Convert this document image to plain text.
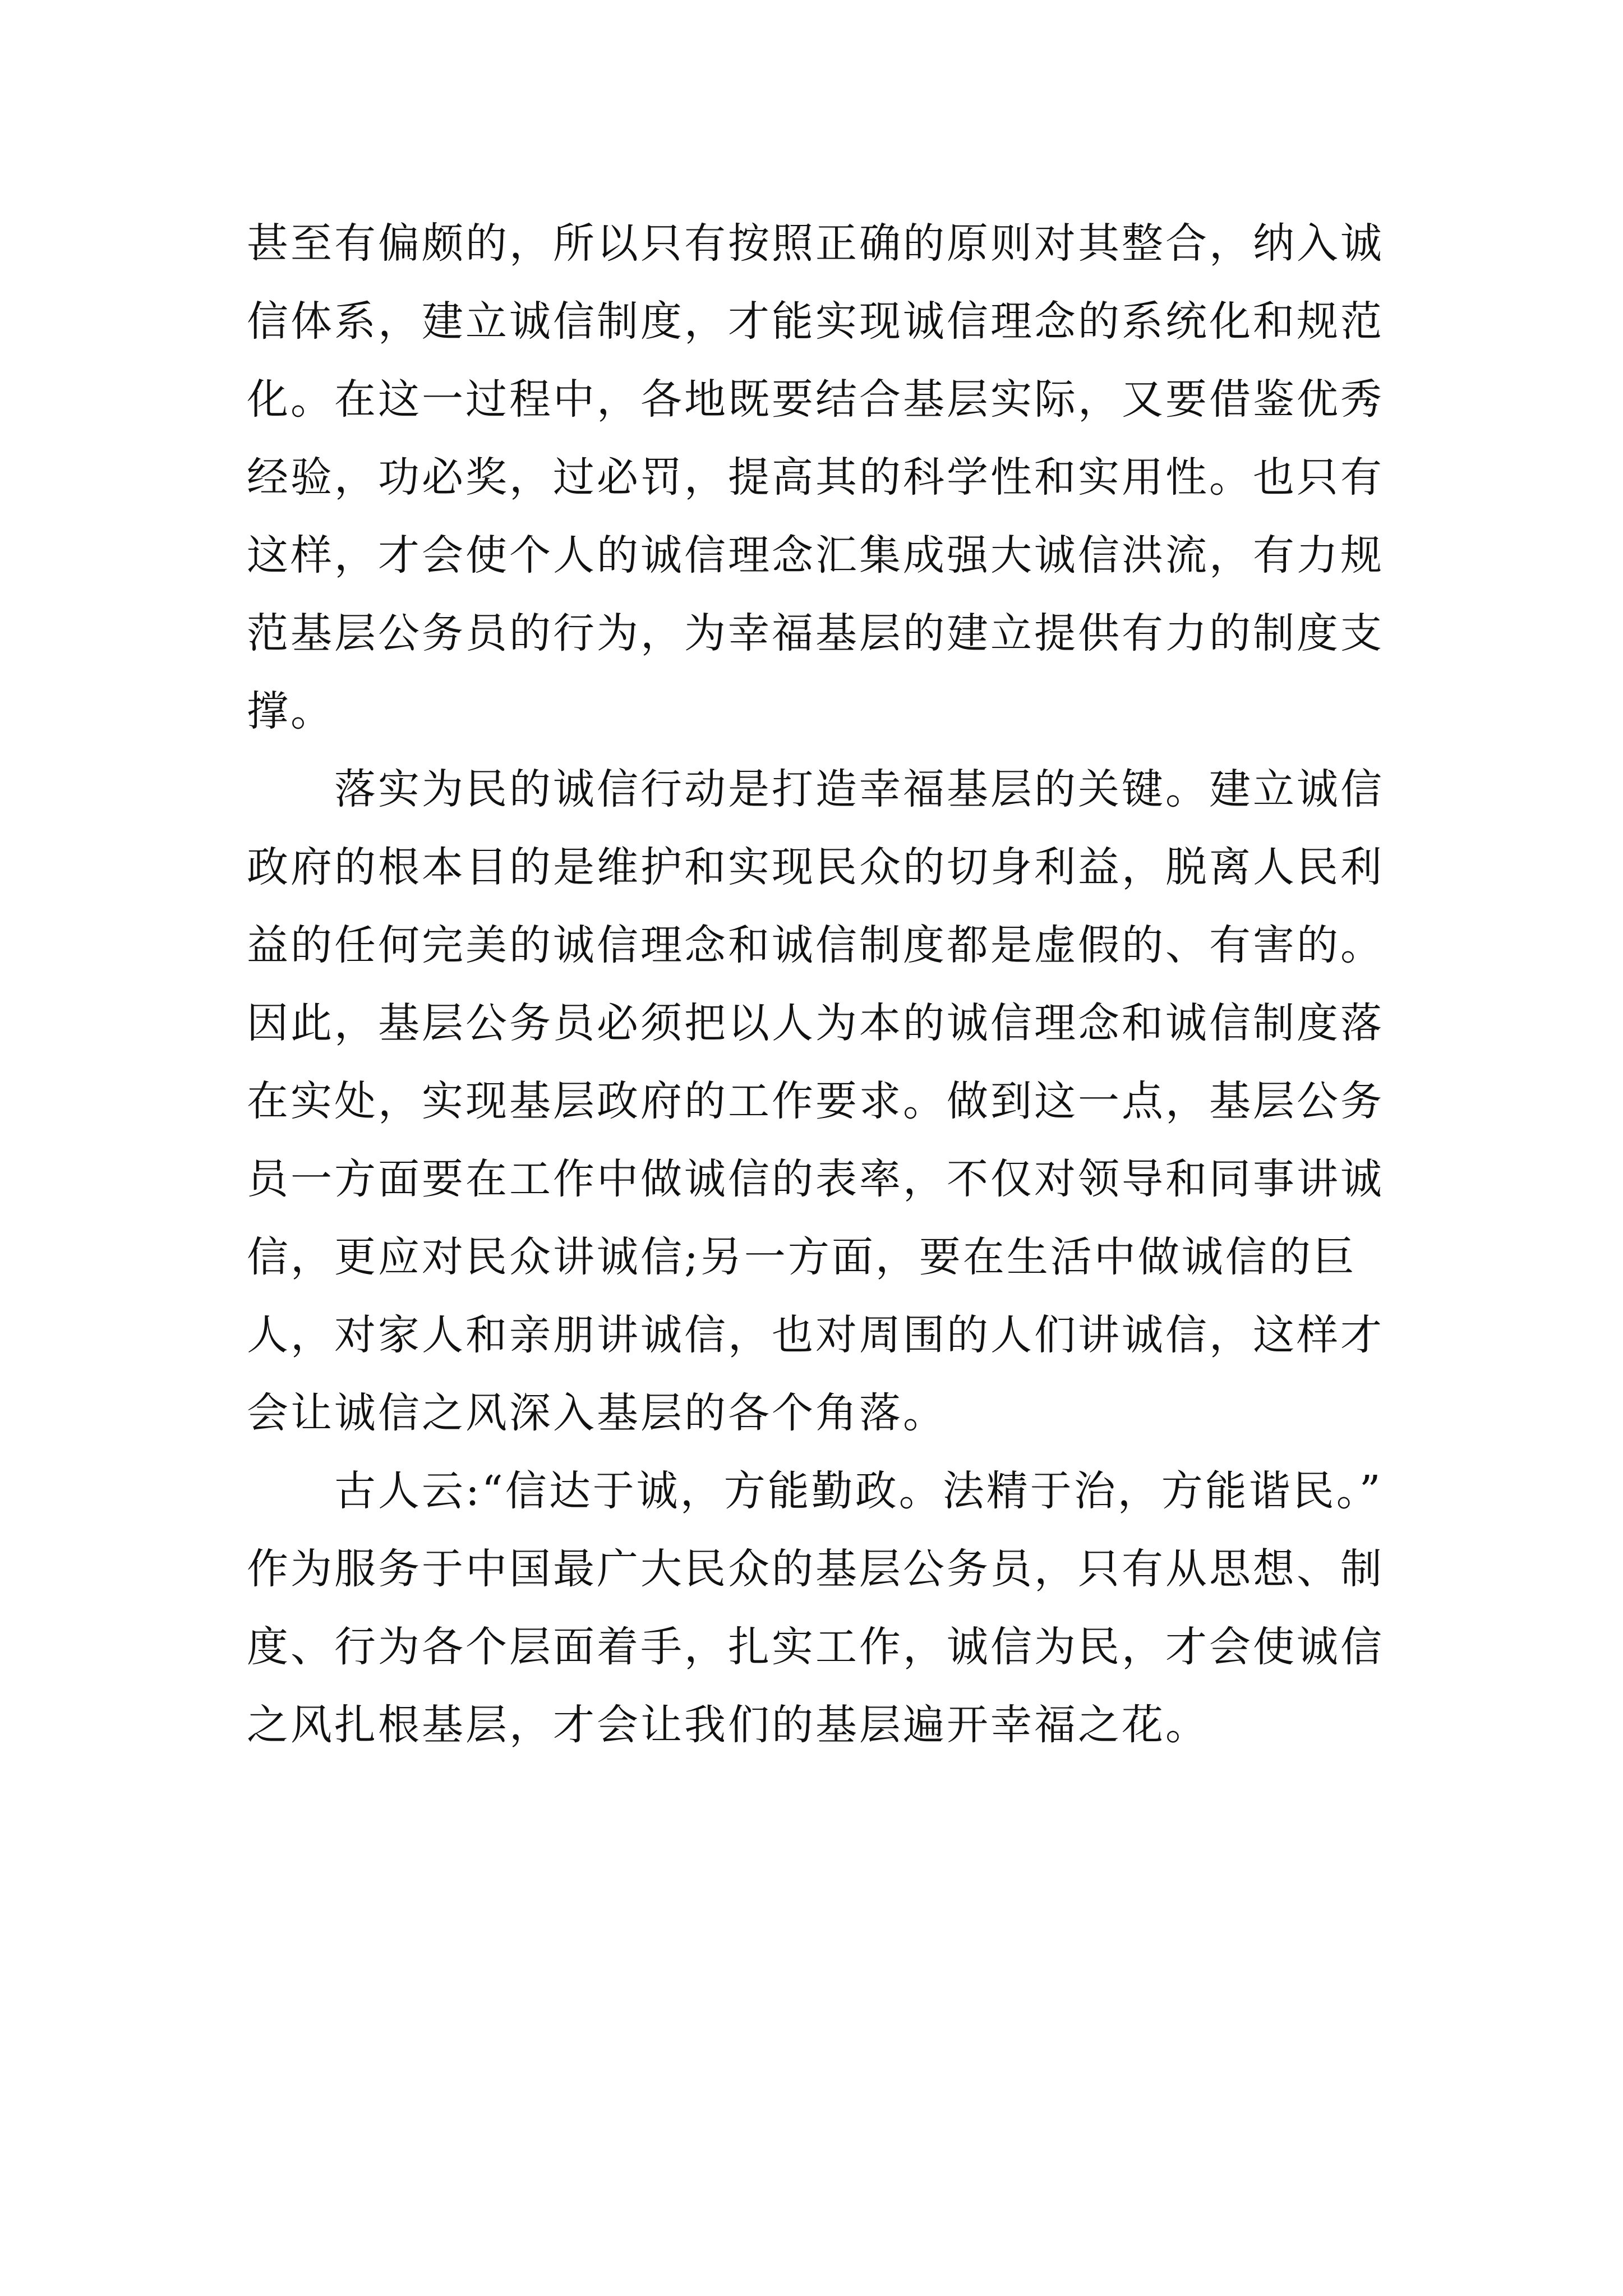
甚至有偏颇的，所以只有按照正确的原则对其整合，纳入诚
信体系，建立诚信制度，才能实现诚信理念的系统化和规范
化。在这一过程中，各地既要结合基层实际，又要借鉴优秀
经验，功必奖，过必罚，提高其的科学性和实用性。也只有
这样，才会使个人的诚信理念汇集成强大诚信洪流，有力规
范基层公务员的行为，为幸福基层的建立提供有力的制度支
撑。
落实为民的诚信行动是打造幸福基层的关键。建立诚信
政府的根本目的是维护和实现民众的切身利益，脱离人民利
益的任何完美的诚信理念和诚信制度都是虚假的、有害的。
因此，基层公务员必须把以人为本的诚信理念和诚信制度落
在实处，实现基层政府的工作要求。做到这一点，基层公务
员一方面要在工作中做诚信的表率，不仅对领导和同事讲诚
信，更应对民众讲诚信;另一方面，要在生活中做诚信的巨
人，对家人和亲朋讲诚信，也对周围的人们讲诚信，这样才
会让诚信之风深入基层的各个角落。
古人云:“信达于诚，方能勤政。法精于治，方能谐民。”
作为服务于中国最广大民众的基层公务员，只有从思想、制
度、行为各个层面着手，扎实工作，诚信为民，才会使诚信
之风扎根基层，才会让我们的基层遍开幸福之花。
